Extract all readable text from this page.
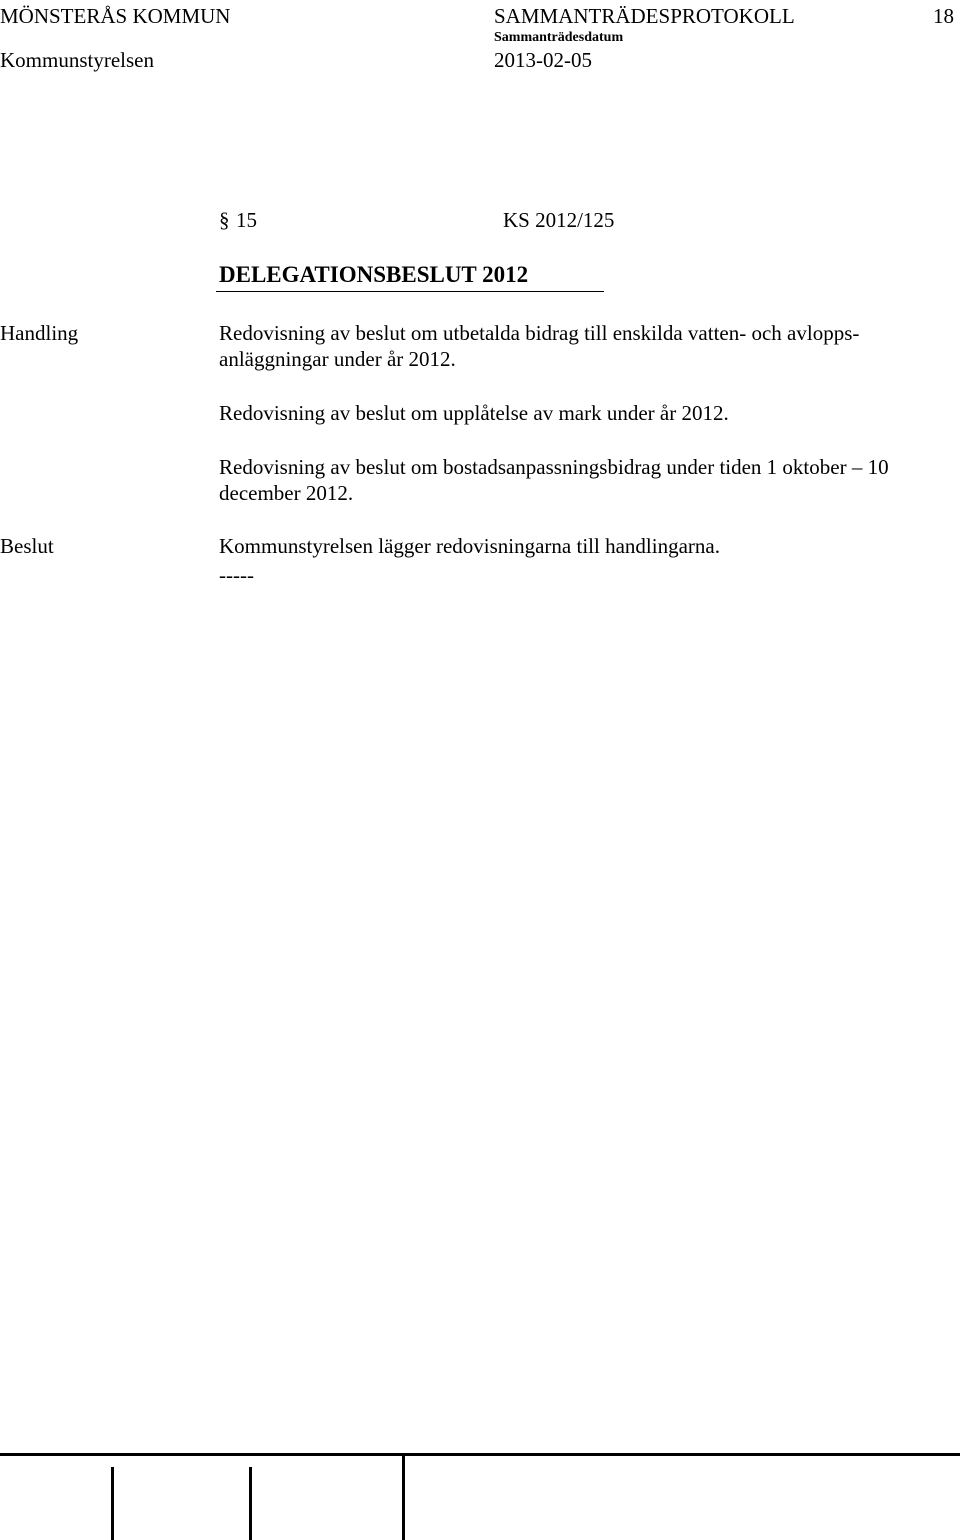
MÖNSTERÅS KOMMUN	SAMMANTRÄDESPROTOKOLL	18
Sammanträdesdatum
Kommunstyrelsen	2013-02-05
§ 15	KS 2012/125
DELEGATIONSBESLUT 2012
Handling	Redovisning av beslut om utbetalda bidrag till enskilda vatten- och avlopps-anläggningar under år 2012.
Redovisning av beslut om upplåtelse av mark under år 2012.
Redovisning av beslut om bostadsanpassningsbidrag under tiden 1 oktober – 10 december 2012.
Beslut	Kommunstyrelsen lägger redovisningarna till handlingarna.
-----
